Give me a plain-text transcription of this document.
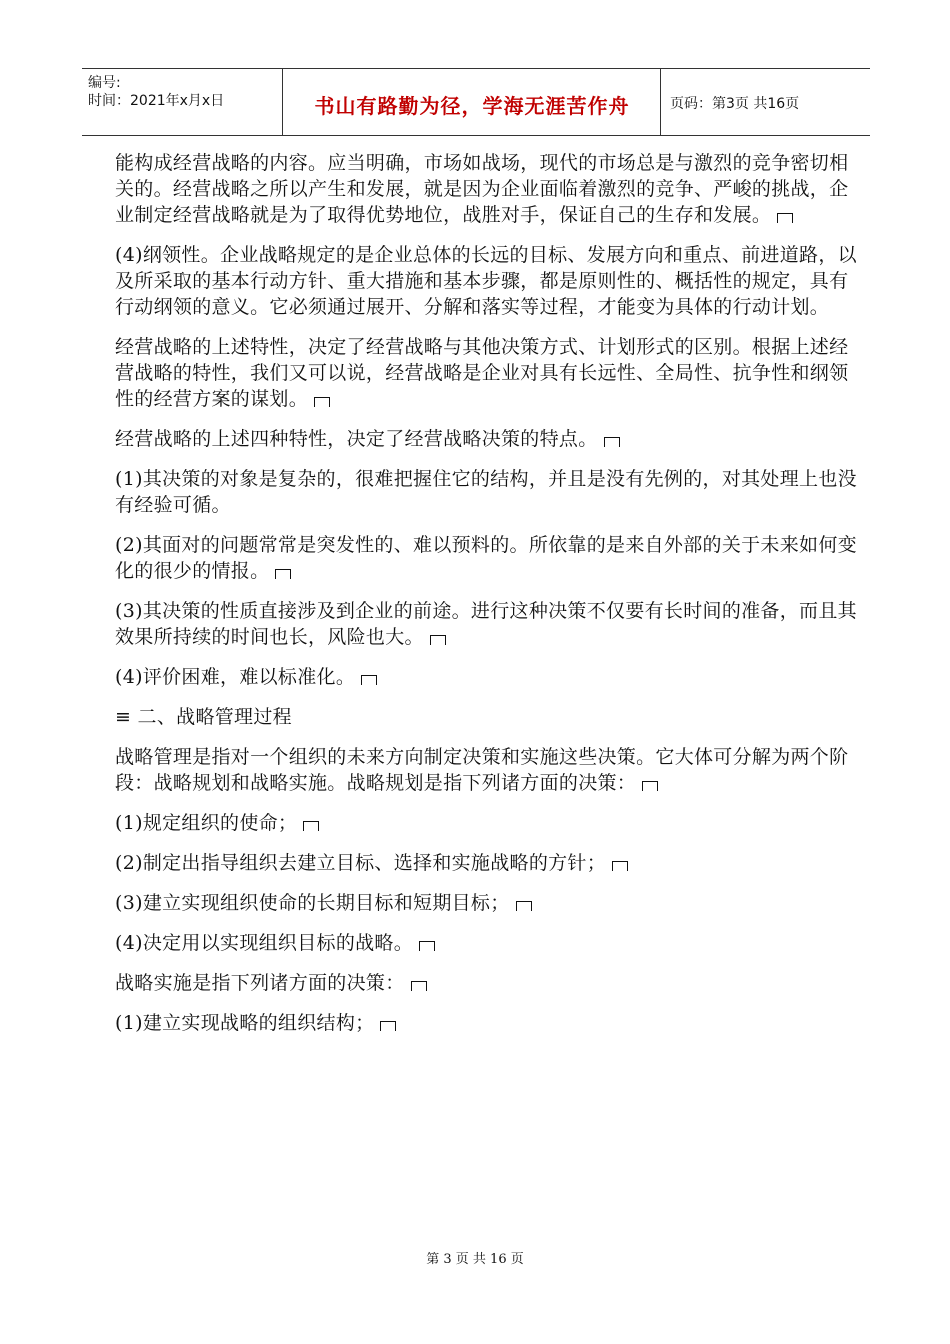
编号:
时间：2021年x月x日	书山有路勤为径，学海无涯苦作舟	页码：第3页 共16页

能构成经营战略的内容。应当明确，市场如战场，现代的市场总是与激烈的竞争密切相关的。经营战略之所以产生和发展，就是因为企业面临着激烈的竞争、严峻的挑战，企业制定经营战略就是为了取得优势地位，战胜对手，保证自己的生存和发展。

(4)纲领性。企业战略规定的是企业总体的长远的目标、发展方向和重点、前进道路，以及所采取的基本行动方针、重大措施和基本步骤，都是原则性的、概括性的规定，具有行动纲领的意义。它必须通过展开、分解和落实等过程，才能变为具体的行动计划。

经营战略的上述特性，决定了经营战略与其他决策方式、计划形式的区别。根据上述经营战略的特性，我们又可以说，经营战略是企业对具有长远性、全局性、抗争性和纲领性的经营方案的谋划。

经营战略的上述四种特性，决定了经营战略决策的特点。

(1)其决策的对象是复杂的，很难把握住它的结构，并且是没有先例的，对其处理上也没有经验可循。

(2)其面对的问题常常是突发性的、难以预料的。所依靠的是来自外部的关于未来如何变化的很少的情报。

(3)其决策的性质直接涉及到企业的前途。进行这种决策不仅要有长时间的准备，而且其效果所持续的时间也长，风险也大。

(4)评价困难，难以标准化。

≡ 二、战略管理过程

战略管理是指对一个组织的未来方向制定决策和实施这些决策。它大体可分解为两个阶段：战略规划和战略实施。战略规划是指下列诸方面的决策：

(1)规定组织的使命；

(2)制定出指导组织去建立目标、选择和实施战略的方针；

(3)建立实现组织使命的长期目标和短期目标；

(4)决定用以实现组织目标的战略。

战略实施是指下列诸方面的决策：

(1)建立实现战略的组织结构；

第 3 页 共 16 页
